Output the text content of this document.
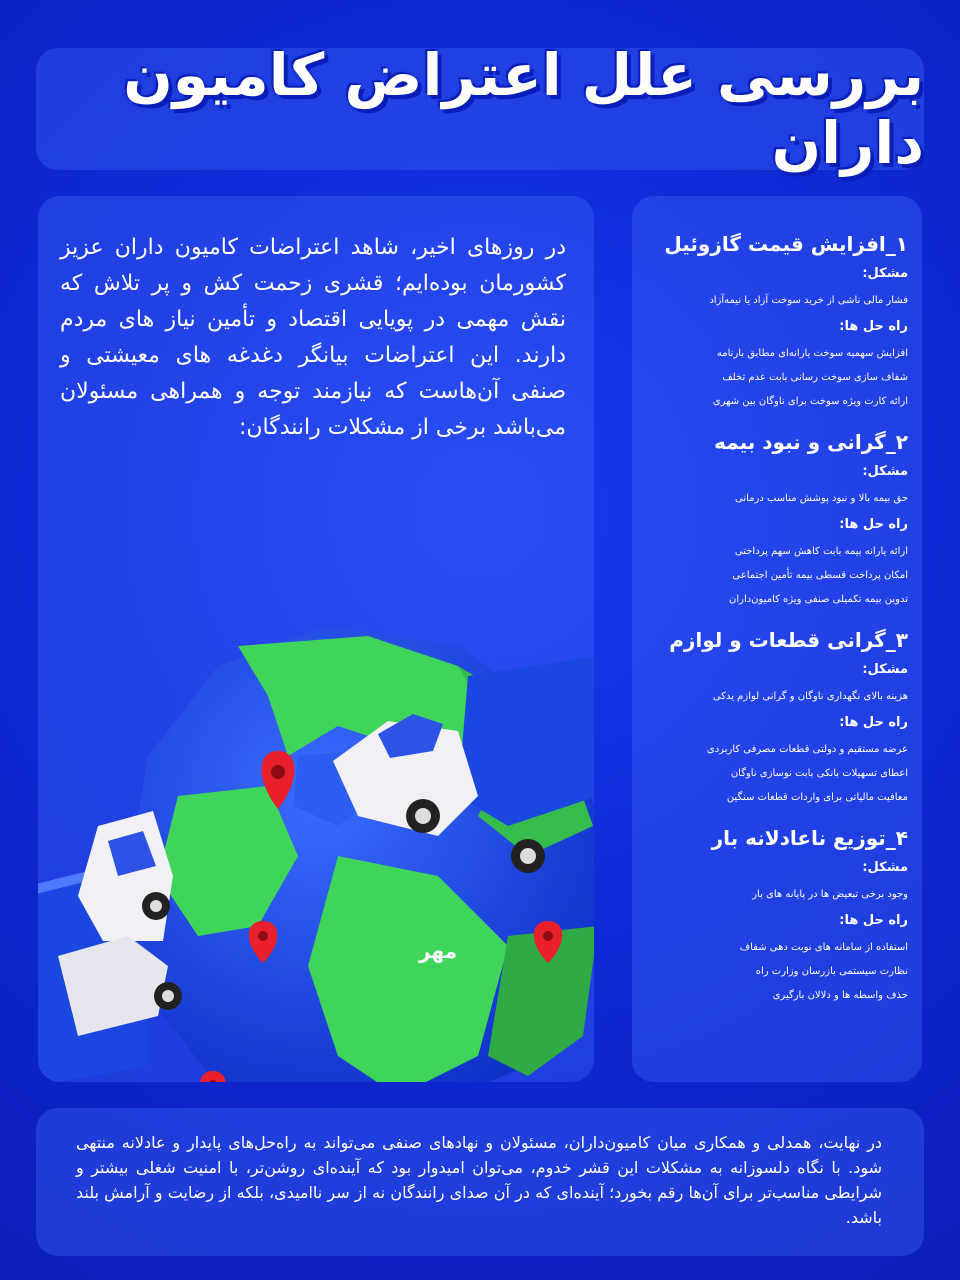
بررسی علل اعتراض کامیون داران

در روزهای اخیر، شاهد اعتراضات کامیون داران عزیز کشورمان بوده‌ایم؛ قشری زحمت کش و پر تلاش که نقش مهمی در پویایی اقتصاد و تأمین نیاز های مردم دارند. این اعتراضات بیانگر دغدغه های معیشتی و صنفی آن‌هاست که نیازمند توجه و همراهی مسئولان می‌باشد برخی از مشکلات رانندگان:

مهر
۱_افزایش قیمت گازوئیل
مشکل:
فشار مالی ناشی از خرید سوخت آزاد یا نیمه‌آزاد
راه حل ها:
افزایش سهمیه سوخت یارانه‌ای مطابق بارنامه
شفاف سازی سوخت رسانی بابت عدم تخلف
ارائه کارت ویژه سوخت برای ناوگان بین شهری
۲_گرانی و نبود بیمه
مشکل:
حق بیمه بالا و نبود پوشش مناسب درمانی
راه حل ها:
ارائه یارانه بیمه بابت کاهش سهم پرداختی
امکان پرداخت قسطی بیمه تأمین اجتماعی
تدوین بیمه تکمیلی صنفی ویژه کامیون‌داران
۳_گرانی قطعات و لوازم
مشکل:
هزینه بالای نگهداری ناوگان و گرانی لوازم یدکی
راه حل ها:
عرضه مستقیم و دولتی قطعات مصرفی کاربردی
اعطای تسهیلات بانکی بابت نوسازی ناوگان
معافیت مالیاتی برای واردات قطعات سنگین
۴_توزیع ناعادلانه بار
مشکل:
وجود برخی تبعیض ها در پایانه های بار
راه حل ها:
استفاده از سامانه های نوبت دهی شفاف
نظارت سیستمی بازرسان وزارت راه
حذف واسطه ها و دلالان بارگیری

در نهایت، همدلی و همکاری میان کامیون‌داران، مسئولان و نهادهای صنفی می‌تواند به راه‌حل‌های پایدار و عادلانه منتهی شود. با نگاه دلسوزانه به مشکلات این قشر خدوم، می‌توان امیدوار بود که آینده‌ای روشن‌تر، با امنیت شغلی بیشتر و شرایطی مناسب‌تر برای آن‌ها رقم بخورد؛ آینده‌ای که در آن صدای رانندگان نه از سر ناامیدی، بلکه از رضایت و آرامش بلند باشد.
